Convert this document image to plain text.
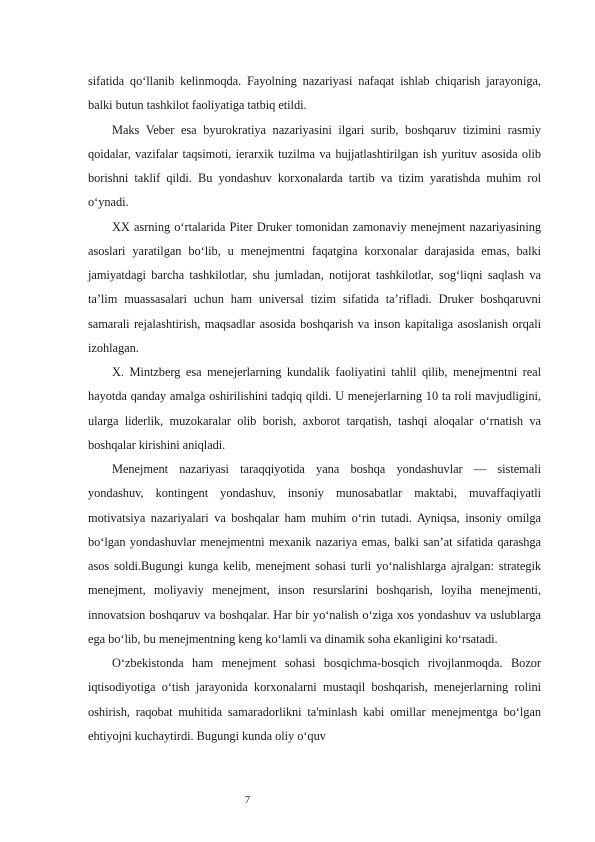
sifatida qo‘llanib kelinmoqda. Fayolning nazariyasi nafaqat ishlab chiqarish jarayoniga, balki butun tashkilot faoliyatiga tatbiq etildi.

Maks Veber esa byurokratiya nazariyasini ilgari surib, boshqaruv tizimini rasmiy qoidalar, vazifalar taqsimoti, ierarxik tuzilma va hujjatlashtirilgan ish yurituv asosida olib borishni taklif qildi. Bu yondashuv korxonalarda tartib va tizim yaratishda muhim rol o‘ynadi.

XX asrning o‘rtalarida Piter Druker tomonidan zamonaviy menejment nazariyasining asoslari yaratilgan bo‘lib, u menejmentni faqatgina korxonalar darajasida emas, balki jamiyatdagi barcha tashkilotlar, shu jumladan, notijorat tashkilotlar, sog‘liqni saqlash va ta’lim muassasalari uchun ham universal tizim sifatida ta’rifladi. Druker boshqaruvni samarali rejalashtirish, maqsadlar asosida boshqarish va inson kapitaliga asoslanish orqali izohlagan.

X. Mintzberg esa menejerlarning kundalik faoliyatini tahlil qilib, menejmentni real hayotda qanday amalga oshirilishini tadqiq qildi. U menejerlarning 10 ta roli mavjudligini, ularga liderlik, muzokaralar olib borish, axborot tarqatish, tashqi aloqalar o‘rnatish va boshqalar kirishini aniqladi.

Menejment nazariyasi taraqqiyotida yana boshqa yondashuvlar — sistemali yondashuv, kontingent yondashuv, insoniy munosabatlar maktabi, muvaffaqiyatli motivatsiya nazariyalari va boshqalar ham muhim o‘rin tutadi. Ayniqsa, insoniy omilga bo‘lgan yondashuvlar menejmentni mexanik nazariya emas, balki san’at sifatida qarashga asos soldi.Bugungi kunga kelib, menejment sohasi turli yo‘nalishlarga ajralgan: strategik menejment, moliyaviy menejment, inson resurslarini boshqarish, loyiha menejmenti, innovatsion boshqaruv va boshqalar. Har bir yo‘nalish o‘ziga xos yondashuv va uslublarga ega bo‘lib, bu menejmentning keng ko‘lamli va dinamik soha ekanligini ko‘rsatadi.

O‘zbekistonda ham menejment sohasi bosqichma-bosqich rivojlanmoqda. Bozor iqtisodiyotiga o‘tish jarayonida korxonalarni mustaqil boshqarish, menejerlarning rolini oshirish, raqobat muhitida samaradorlikni ta'minlash kabi omillar menejmentga bo‘lgan ehtiyojni kuchaytirdi. Bugungi kunda oliy o‘quv

7
